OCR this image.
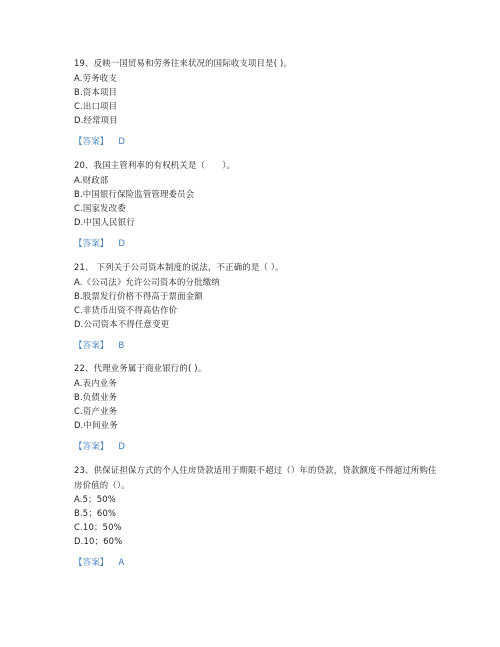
19、反映一国贸易和劳务往来状况的国际收支项目是( )。
A.劳务收支
B.资本项目
C.出口项目
D.经常项目
【答案】 D
20、我国主管利率的有权机关是（　　）。
A.财政部
B.中国银行保险监管管理委员会
C.国家发改委
D.中国人民银行
【答案】 D
21、 下列关于公司资本制度的说法，不正确的是（ ）。
A.《公司法》允许公司资本的分批缴纳
B.股票发行价格不得高于票面金额
C.非货币出资不得高估作价
D.公司资本不得任意变更
【答案】 B
22、代理业务属于商业银行的( )。
A.表内业务
B.负债业务
C.资产业务
D.中间业务
【答案】 D
23、供保证担保方式的个人住房贷款适用于期限不超过（）年的贷款，贷款额度不得超过所购住房价值的（）。
A.5；50%
B.5；60%
C.10；50%
D.10；60%
【答案】 A
